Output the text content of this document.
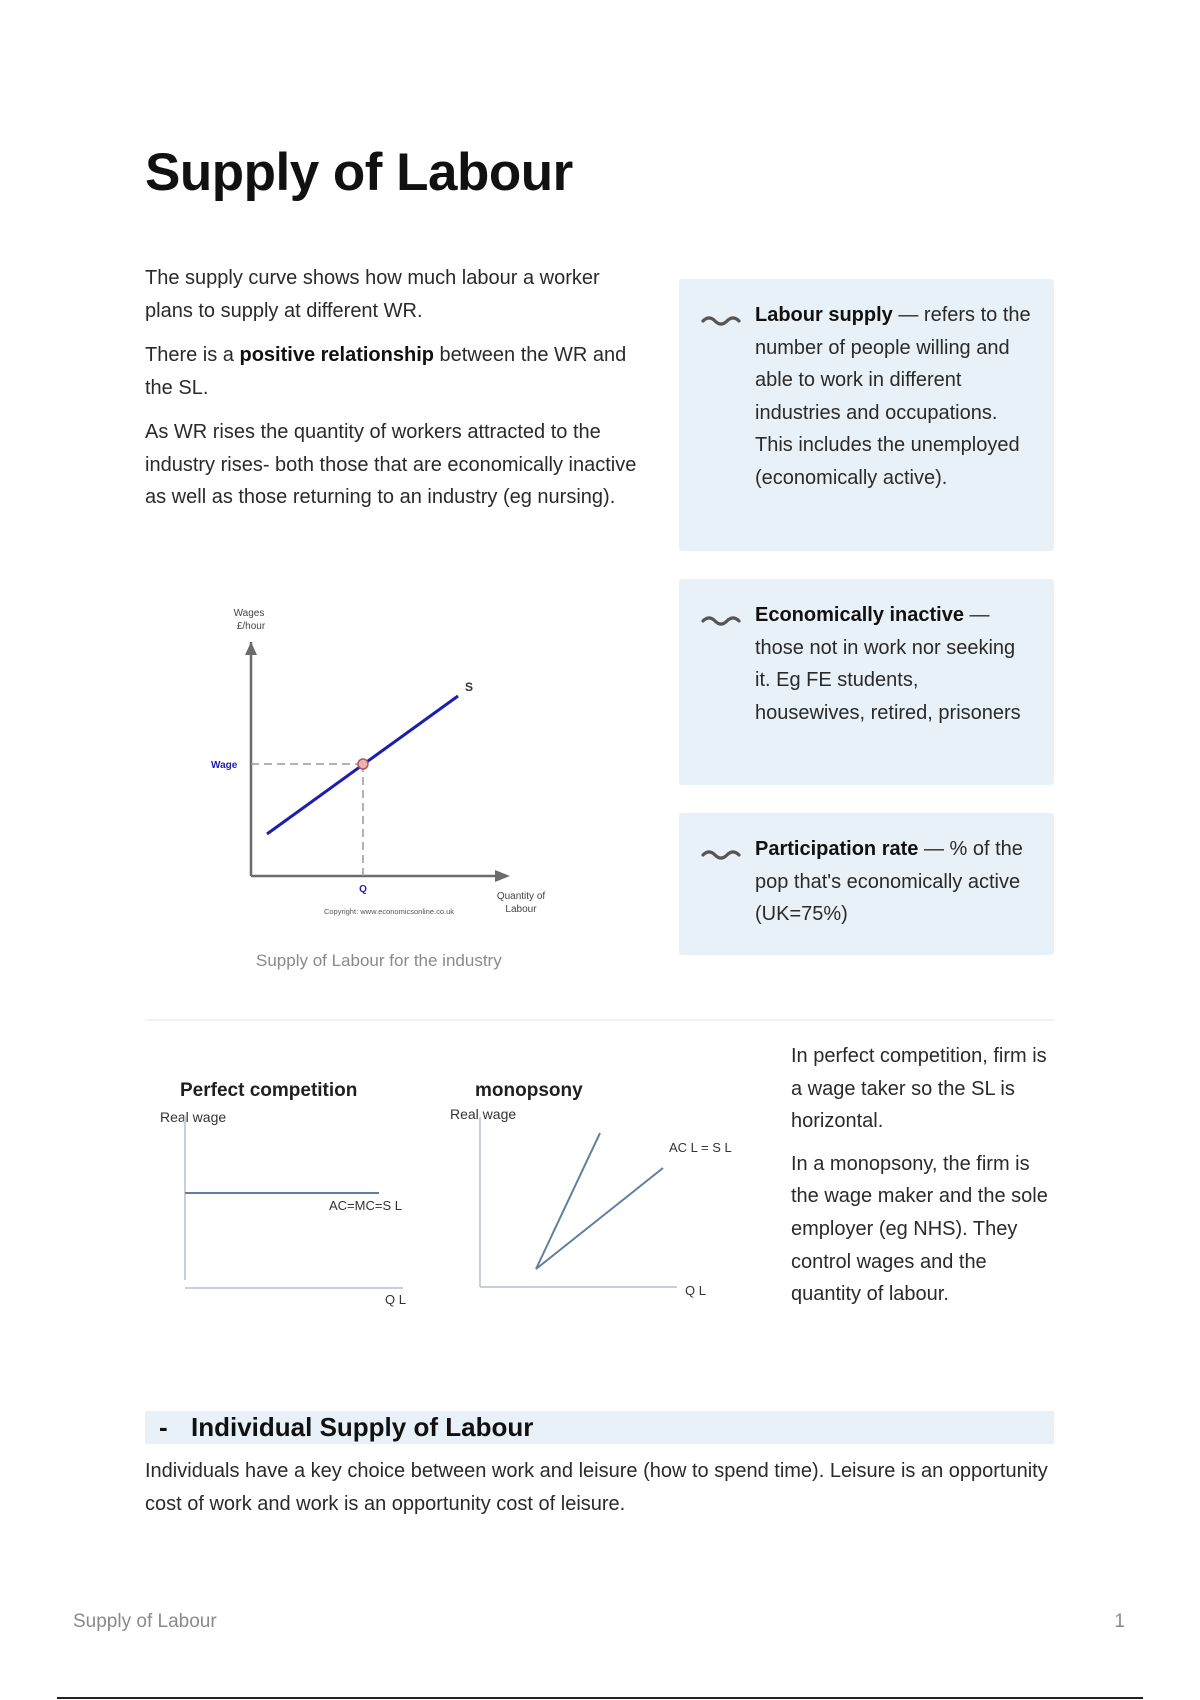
Supply of Labour

The supply curve shows how much labour a worker plans to supply at different WR.

There is a positive relationship between the WR and the SL.

As WR rises the quantity of workers attracted to the industry rises- both those that are economically inactive as well as those returning to an industry (eg nursing).

Labour supply — refers to the number of people willing and able to work in different industries and occupations. This includes the unemployed (economically active).
Economically inactive — those not in work nor seeking it. Eg FE students, housewives, retired, prisoners
Participation rate — % of the pop that's economically active (UK=75%)
Wages
£/hour
S
Wage
Q
Quantity of
Labour
Copyright: www.economicsonline.co.uk
Supply of Labour for the industry
Perfect competition
Real wage
AC=MC=S L
Q L
monopsony
Real wage
AC L = S L
Q L

In perfect competition, firm is a wage taker so the SL is horizontal.

In a monopsony, the firm is the wage maker and the sole employer (eg NHS). They control wages and the quantity of labour.

- Individual Supply of Labour
Individuals have a key choice between work and leisure (how to spend time). Leisure is an opportunity cost of work and work is an opportunity cost of leisure.
Supply of Labour	1
